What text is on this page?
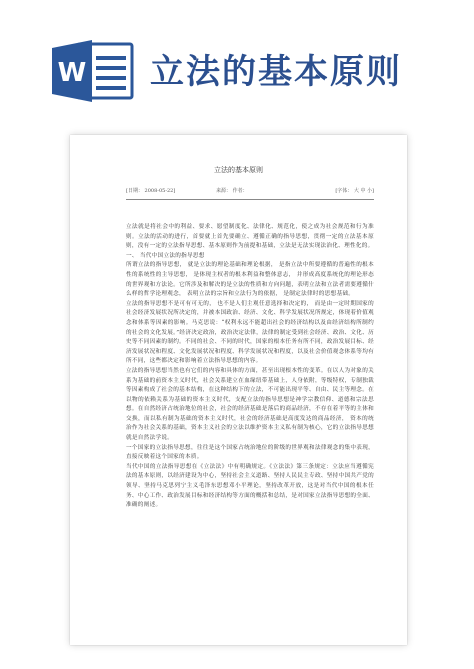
W 立法的基本原则
立法的基本原则
[日期： 2008-05-22]	来源： 作者：	[字体： 大 中 小]

立法就是将社会中的利益、要求、愿望制度化、法律化、规范化，使之成为社会规范和行为准则。立法的活动的进行，首要就上首先要确立、遵循正确的指导思想，贯彻一定的立法基本原则，没有一定的立法指导思想、基本原则作为前提和基础，立法是无法实现法治化、理性化的。

一、 当代中国立法的指导思想

所谓立法的指导思想， 就是立法的理论基础和理论根据， 是指立法中所要遵循的普遍性的根本性的系统性的主导思想， 是体现主权者的根本利益和整体意志， 并形成高度系统化的理论形态的世界观和方法论。它所涉及和解决的是立法的性质和方向问题，表明立法和立法者需要遵循什么样的哲学论理观念， 表明立法的宗旨和立法行为的依据， 是制定法律时的思想基础。

立法的指导思想不是可有可无的， 也不是人们主观任意选择和决定的， 而是由一定时期国家的社会经济发展状况所决定的，并被本国政治、经济、文化、科学发展状况所规定，体现着价值观念和体系等因素的影响。马克思说：“权利永远不能超出社会的经济结构以及由经济结构所制约的社会的文化发展。”经济决定政治，政治决定法律，法律的制定受到社会经济、政治、文化、历史等不同因素的制约。不同的社会、不同的时代，国家的根本任务有所不同，政治发展目标、经济发展状况和程度、文化发展状况和程度、科学发展状况和程度，以及社会价值观念体系等均有所不同，这些都决定和影响着立法指导思想的内容。

立法的指导思想当然也有它们的内容和具体的方面，甚至出现根本性的变革。在以人为对象的关系为基础的前资本主义时代，社会关系建立在血缘纽带基础上，人身依附，等级特权，专制独裁等因素构成了社会的基本结构，在这种结构下的立法，不可能出现平等、自由、民主等理念。在以物的依赖关系为基础的资本主义时代，支配立法的指导思想是神学宗教信仰、道德和宗法思想。在自然经济占统治地位的社会，社会的经济基础是落后的商品经济，不存在着平等的主体和交换，而以私有制为基础的资本主义时代，社会的经济基础是高度发达的商品经济， 资本的统治作为社会关系的基础，资本主义社会的立法以维护资本主义私有制为核心，它的立法指导思想就是自然法学说。

一个国家的立法指导思想，往往是这个国家占统治地位的阶级的世界观和法律观念的集中表现，直接反映着这个国家的本质。

当代中国的立法指导思想在《立法法》中有明确规定。《立法法》第三条规定：立法应当遵循宪法的基本原则，以经济建设为中心，坚持社会主义道路、坚持人民民主专政、坚持中国共产党的领导、坚持马克思列宁主义毛泽东思想邓小平理论，坚持改革开放，这是对当代中国的根本任务、中心工作、政治发展目标和经济结构等方面的概括和总结，是对国家立法指导思想的全面、准确的阐述。
